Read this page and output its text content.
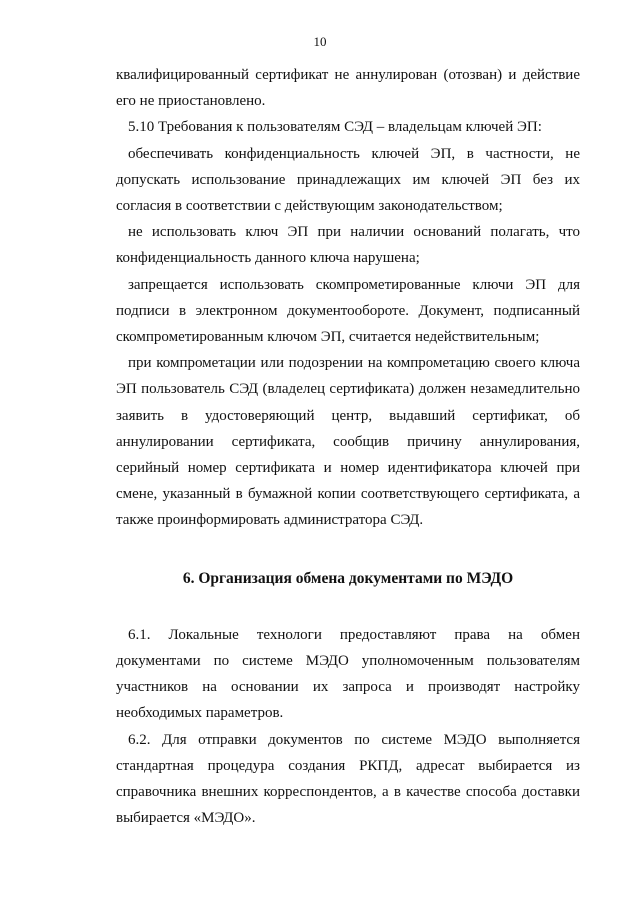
10

квалифицированный сертификат не аннулирован (отозван) и действие его не приостановлено.

5.10 Требования к пользователям СЭД – владельцам ключей ЭП:

обеспечивать конфиденциальность ключей ЭП, в частности, не допускать использование принадлежащих им ключей ЭП без их согласия в соответствии с действующим законодательством;

не использовать ключ ЭП при наличии оснований полагать, что конфиденциальность данного ключа нарушена;

запрещается использовать скомпрометированные ключи ЭП для подписи в электронном документообороте. Документ, подписанный скомпрометированным ключом ЭП, считается недействительным;

при компрометации или подозрении на компрометацию своего ключа ЭП пользователь СЭД (владелец сертификата) должен незамедлительно заявить в удостоверяющий центр, выдавший сертификат, об аннулировании сертификата, сообщив причину аннулирования, серийный номер сертификата и номер идентификатора ключей при смене, указанный в бумажной копии соответствующего сертификата, а также проинформировать администратора СЭД.

6. Организация обмена документами по МЭДО

6.1. Локальные технологи предоставляют права на обмен документами по системе МЭДО уполномоченным пользователям участников на основании их запроса и производят настройку необходимых параметров.

6.2. Для отправки документов по системе МЭДО выполняется стандартная процедура создания РКПД, адресат выбирается из справочника внешних корреспондентов, а в качестве способа доставки выбирается «МЭДО».
